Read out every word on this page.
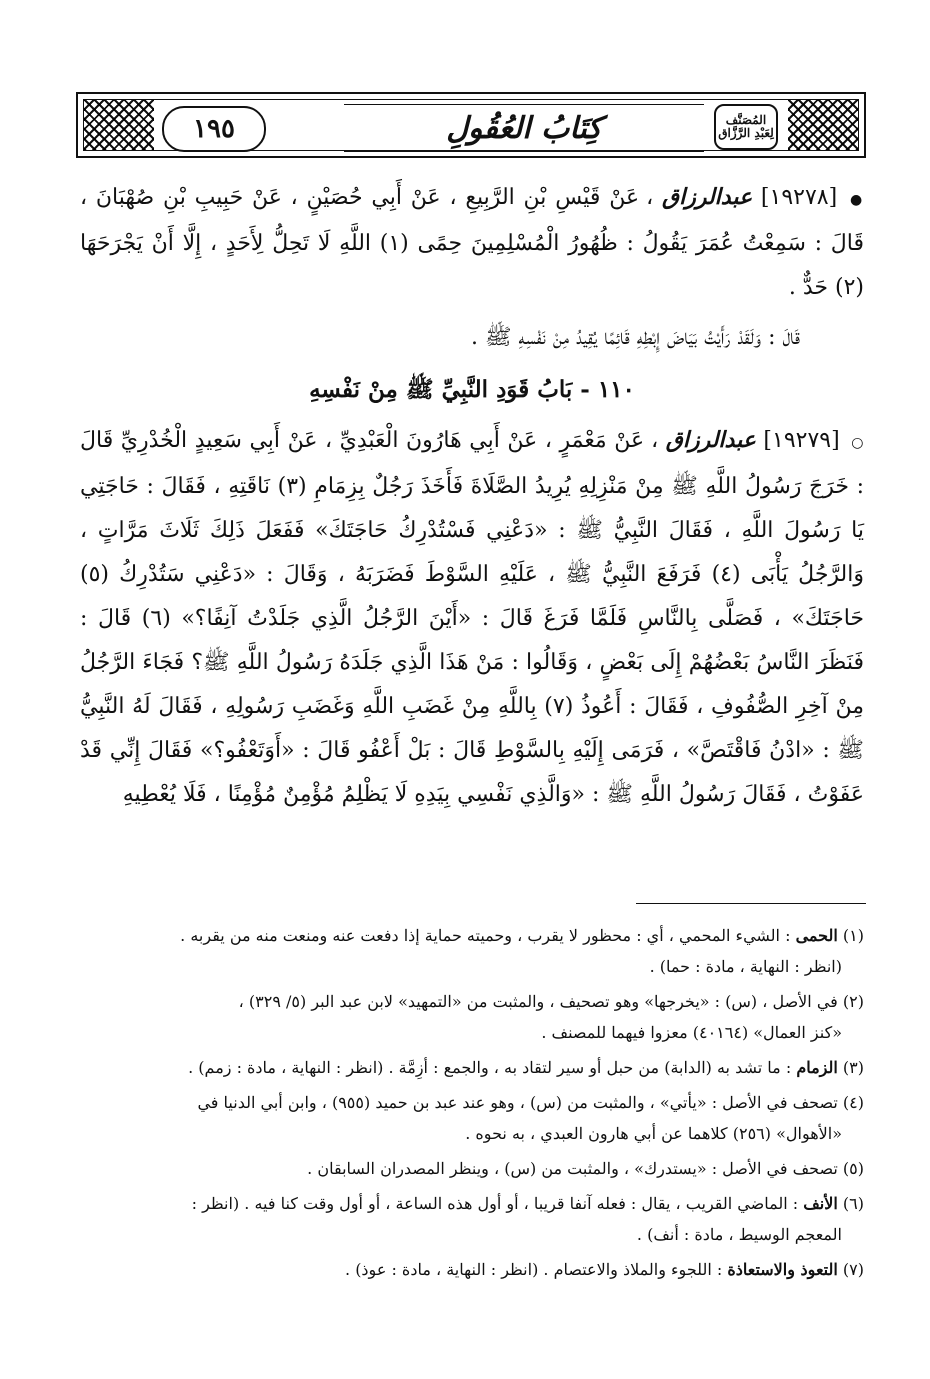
١٩٥	كِتَابُ العُقُولِ	المُصَنَّف لِعَبْدِ الرَّزَّاق

● [١٩٢٧٨] عبدالرزاق ، عَنْ قَيْسِ بْنِ الرَّبِيعِ ، عَنْ أَبِي حُصَيْنٍ ، عَنْ حَبِيبِ بْنِ صُهْبَانَ ، قَالَ : سَمِعْتُ عُمَرَ يَقُولُ : ظُهُورُ الْمُسْلِمِينَ حِمًى (١) اللَّهِ لَا تَحِلُّ لِأَحَدٍ ، إِلَّا أَنْ يَجْرَحَهَا (٢) حَدٌّ .

قَالَ : وَلَقَدْ رَأَيْتُ بَيَاضَ إِبْطِهِ قَائِمًا يُقِيدُ مِنْ نَفْسِهِ ﷺ .

١١٠ - بَابُ قَوَدِ النَّبِيِّ ﷺ مِنْ نَفْسِهِ

○ [١٩٢٧٩] عبدالرزاق ، عَنْ مَعْمَرٍ ، عَنْ أَبِي هَارُونَ الْعَبْدِيِّ ، عَنْ أَبِي سَعِيدٍ الْخُدْرِيِّ قَالَ : خَرَجَ رَسُولُ اللَّهِ ﷺ مِنْ مَنْزِلِهِ يُرِيدُ الصَّلَاةَ فَأَخَذَ رَجُلٌ بِزِمَامِ (٣) نَاقَتِهِ ، فَقَالَ : حَاجَتِي يَا رَسُولَ اللَّهِ ، فَقَالَ النَّبِيُّ ﷺ : «دَعْنِي فَسْتُدْرِكُ حَاجَتَكَ» فَفَعَلَ ذَلِكَ ثَلَاثَ مَرَّاتٍ ، وَالرَّجُلُ يَأْبَى (٤) فَرَفَعَ النَّبِيُّ ﷺ ، عَلَيْهِ السَّوْطَ فَضَرَبَهُ ، وَقَالَ : «دَعْنِي سَتُدْرِكُ (٥) حَاجَتَكَ» ، فَصَلَّى بِالنَّاسِ فَلَمَّا فَرَغَ قَالَ : «أَيْنَ الرَّجُلُ الَّذِي جَلَدْتُ آنِفًا؟» (٦) قَالَ : فَنَظَرَ النَّاسُ بَعْضُهُمْ إِلَى بَعْضٍ ، وَقَالُوا : مَنْ هَذَا الَّذِي جَلَدَهُ رَسُولُ اللَّهِ ﷺ؟ فَجَاءَ الرَّجُلُ مِنْ آخِرِ الصُّفُوفِ ، فَقَالَ : أَعُوذُ (٧) بِاللَّهِ مِنْ غَضَبِ اللَّهِ وَغَضَبِ رَسُولِهِ ، فَقَالَ لَهُ النَّبِيُّ ﷺ : «ادْنُ فَاقْتَصَّ» ، فَرَمَى إِلَيْهِ بِالسَّوْطِ قَالَ : بَلْ أَعْفُو قَالَ : «أَوَتَعْفُو؟» فَقَالَ إِنِّي قَدْ عَفَوْتُ ، فَقَالَ رَسُولُ اللَّهِ ﷺ : «وَالَّذِي نَفْسِي بِيَدِهِ لَا يَظْلِمُ مُؤْمِنٌ مُؤْمِنًا ، فَلَا يُعْطِيهِ

(١) الحمى : الشيء المحمي ، أي : محظور لا يقرب ، وحميته حماية إذا دفعت عنه ومنعت منه من يقربه .

(انظر : النهاية ، مادة : حما) .

(٢) في الأصل ، (س) : «يخرجها» وهو تصحيف ، والمثبت من «التمهيد» لابن عبد البر (٥/ ٣٢٩) ،

«كنز العمال» (٤٠١٦٤) معزوا فيهما للمصنف .

(٣) الزمام : ما تشد به (الدابة) من حبل أو سير لتقاد به ، والجمع : أزِمَّة . (انظر : النهاية ، مادة : زمم) .
(٤) تصحف في الأصل : «يأتي» ، والمثبت من (س) ، وهو عند عبد بن حميد (٩٥٥) ، وابن أبي الدنيا في

«الأهوال» (٢٥٦) كلاهما عن أبي هارون العبدي ، به نحوه .

(٥) تصحف في الأصل : «يستدرك» ، والمثبت من (س) ، وينظر المصدران السابقان .
(٦) الأنف : الماضي القريب ، يقال : فعله آنفا قريبا ، أو أول هذه الساعة ، أو أول وقت كنا فيه . (انظر :

المعجم الوسيط ، مادة : أنف) .

(٧) التعوذ والاستعاذة : اللجوء والملاذ والاعتصام . (انظر : النهاية ، مادة : عوذ) .
